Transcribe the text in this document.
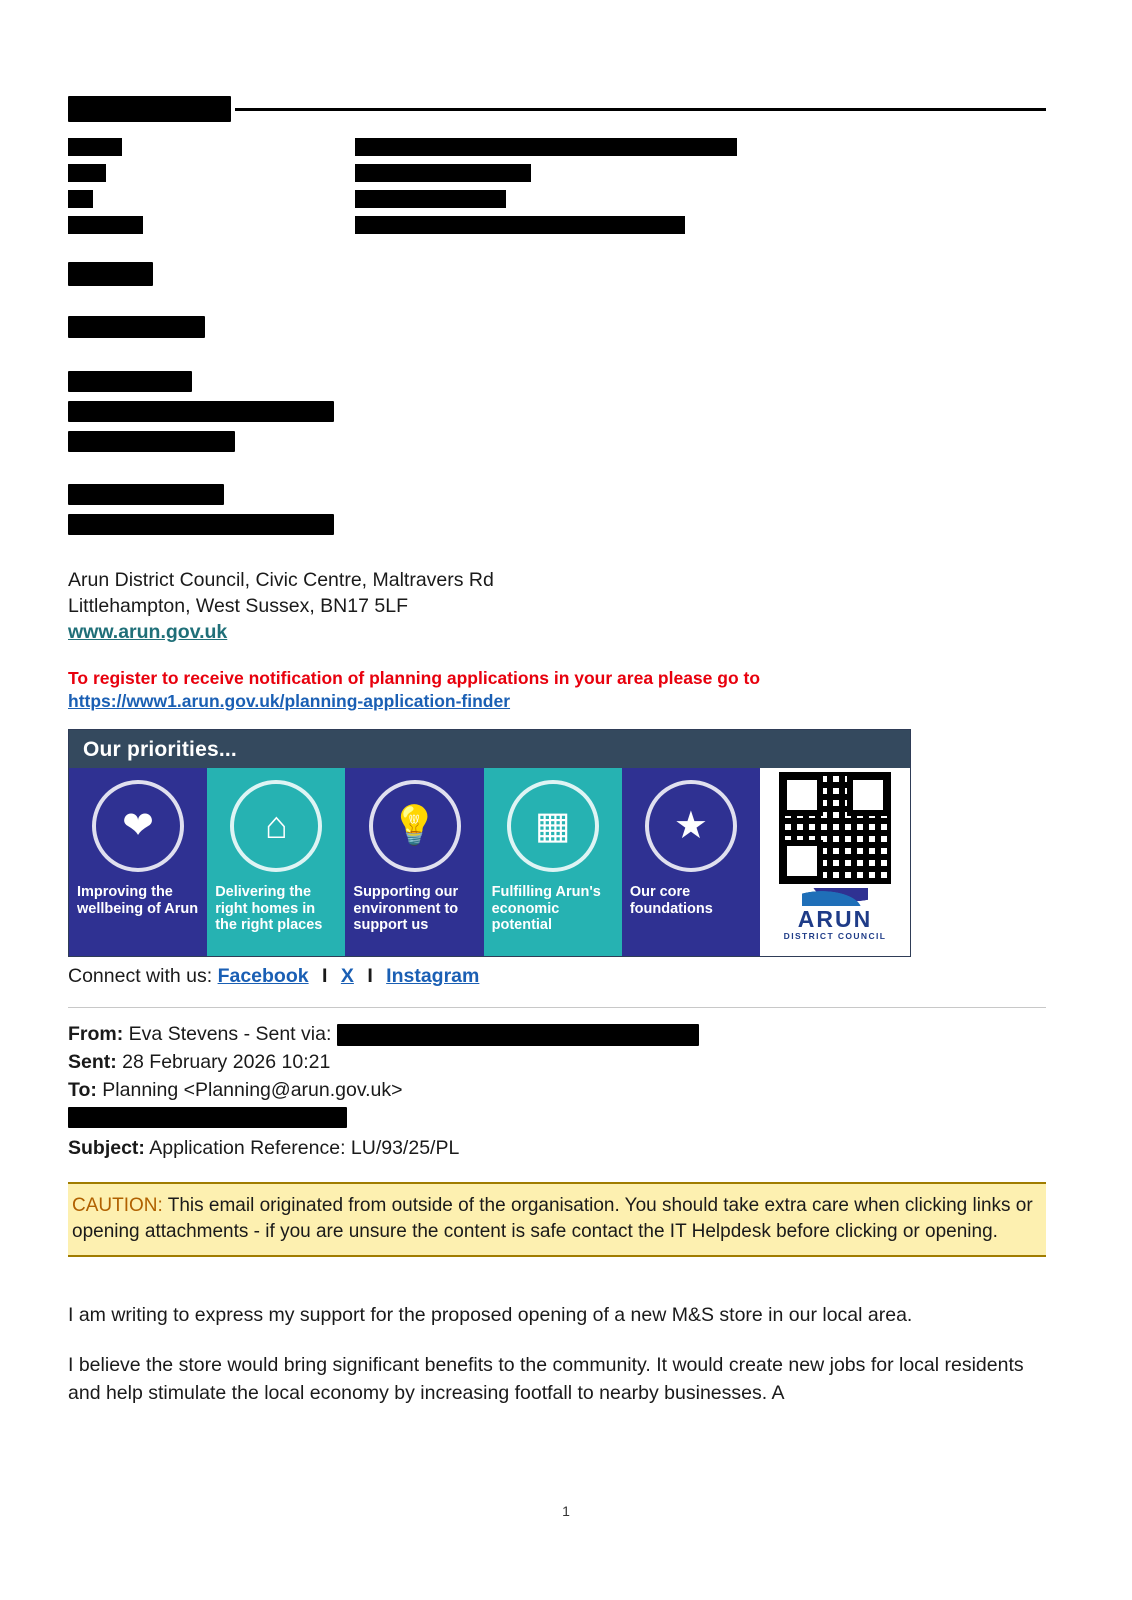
Arun District Council, Civic Centre, Maltravers Rd
Littlehampton, West Sussex, BN17 5LF
www.arun.gov.uk
To register to receive notification of planning applications in your area please go to
https://www1.arun.gov.uk/planning-application-finder
Our priorities...
❤
Improving the wellbeing of Arun
⌂
Delivering the right homes in the right places
💡
Supporting our environment to support us
▦
Fulfilling Arun's economic potential
★
Our core foundations	ARUN
DISTRICT COUNCIL
Connect with us: Facebook I X I Instagram
From: Eva Stevens - Sent via:
Sent: 28 February 2026 10:21
To: Planning <Planning@arun.gov.uk>
Subject: Application Reference: LU/93/25/PL
CAUTION: This email originated from outside of the organisation. You should take extra care when clicking links or opening attachments - if you are unsure the content is safe contact the IT Helpdesk before clicking or opening.

I am writing to express my support for the proposed opening of a new M&S store in our local area.

I believe the store would bring significant benefits to the community. It would create new jobs for local residents and help stimulate the local economy by increasing footfall to nearby businesses. A

1
